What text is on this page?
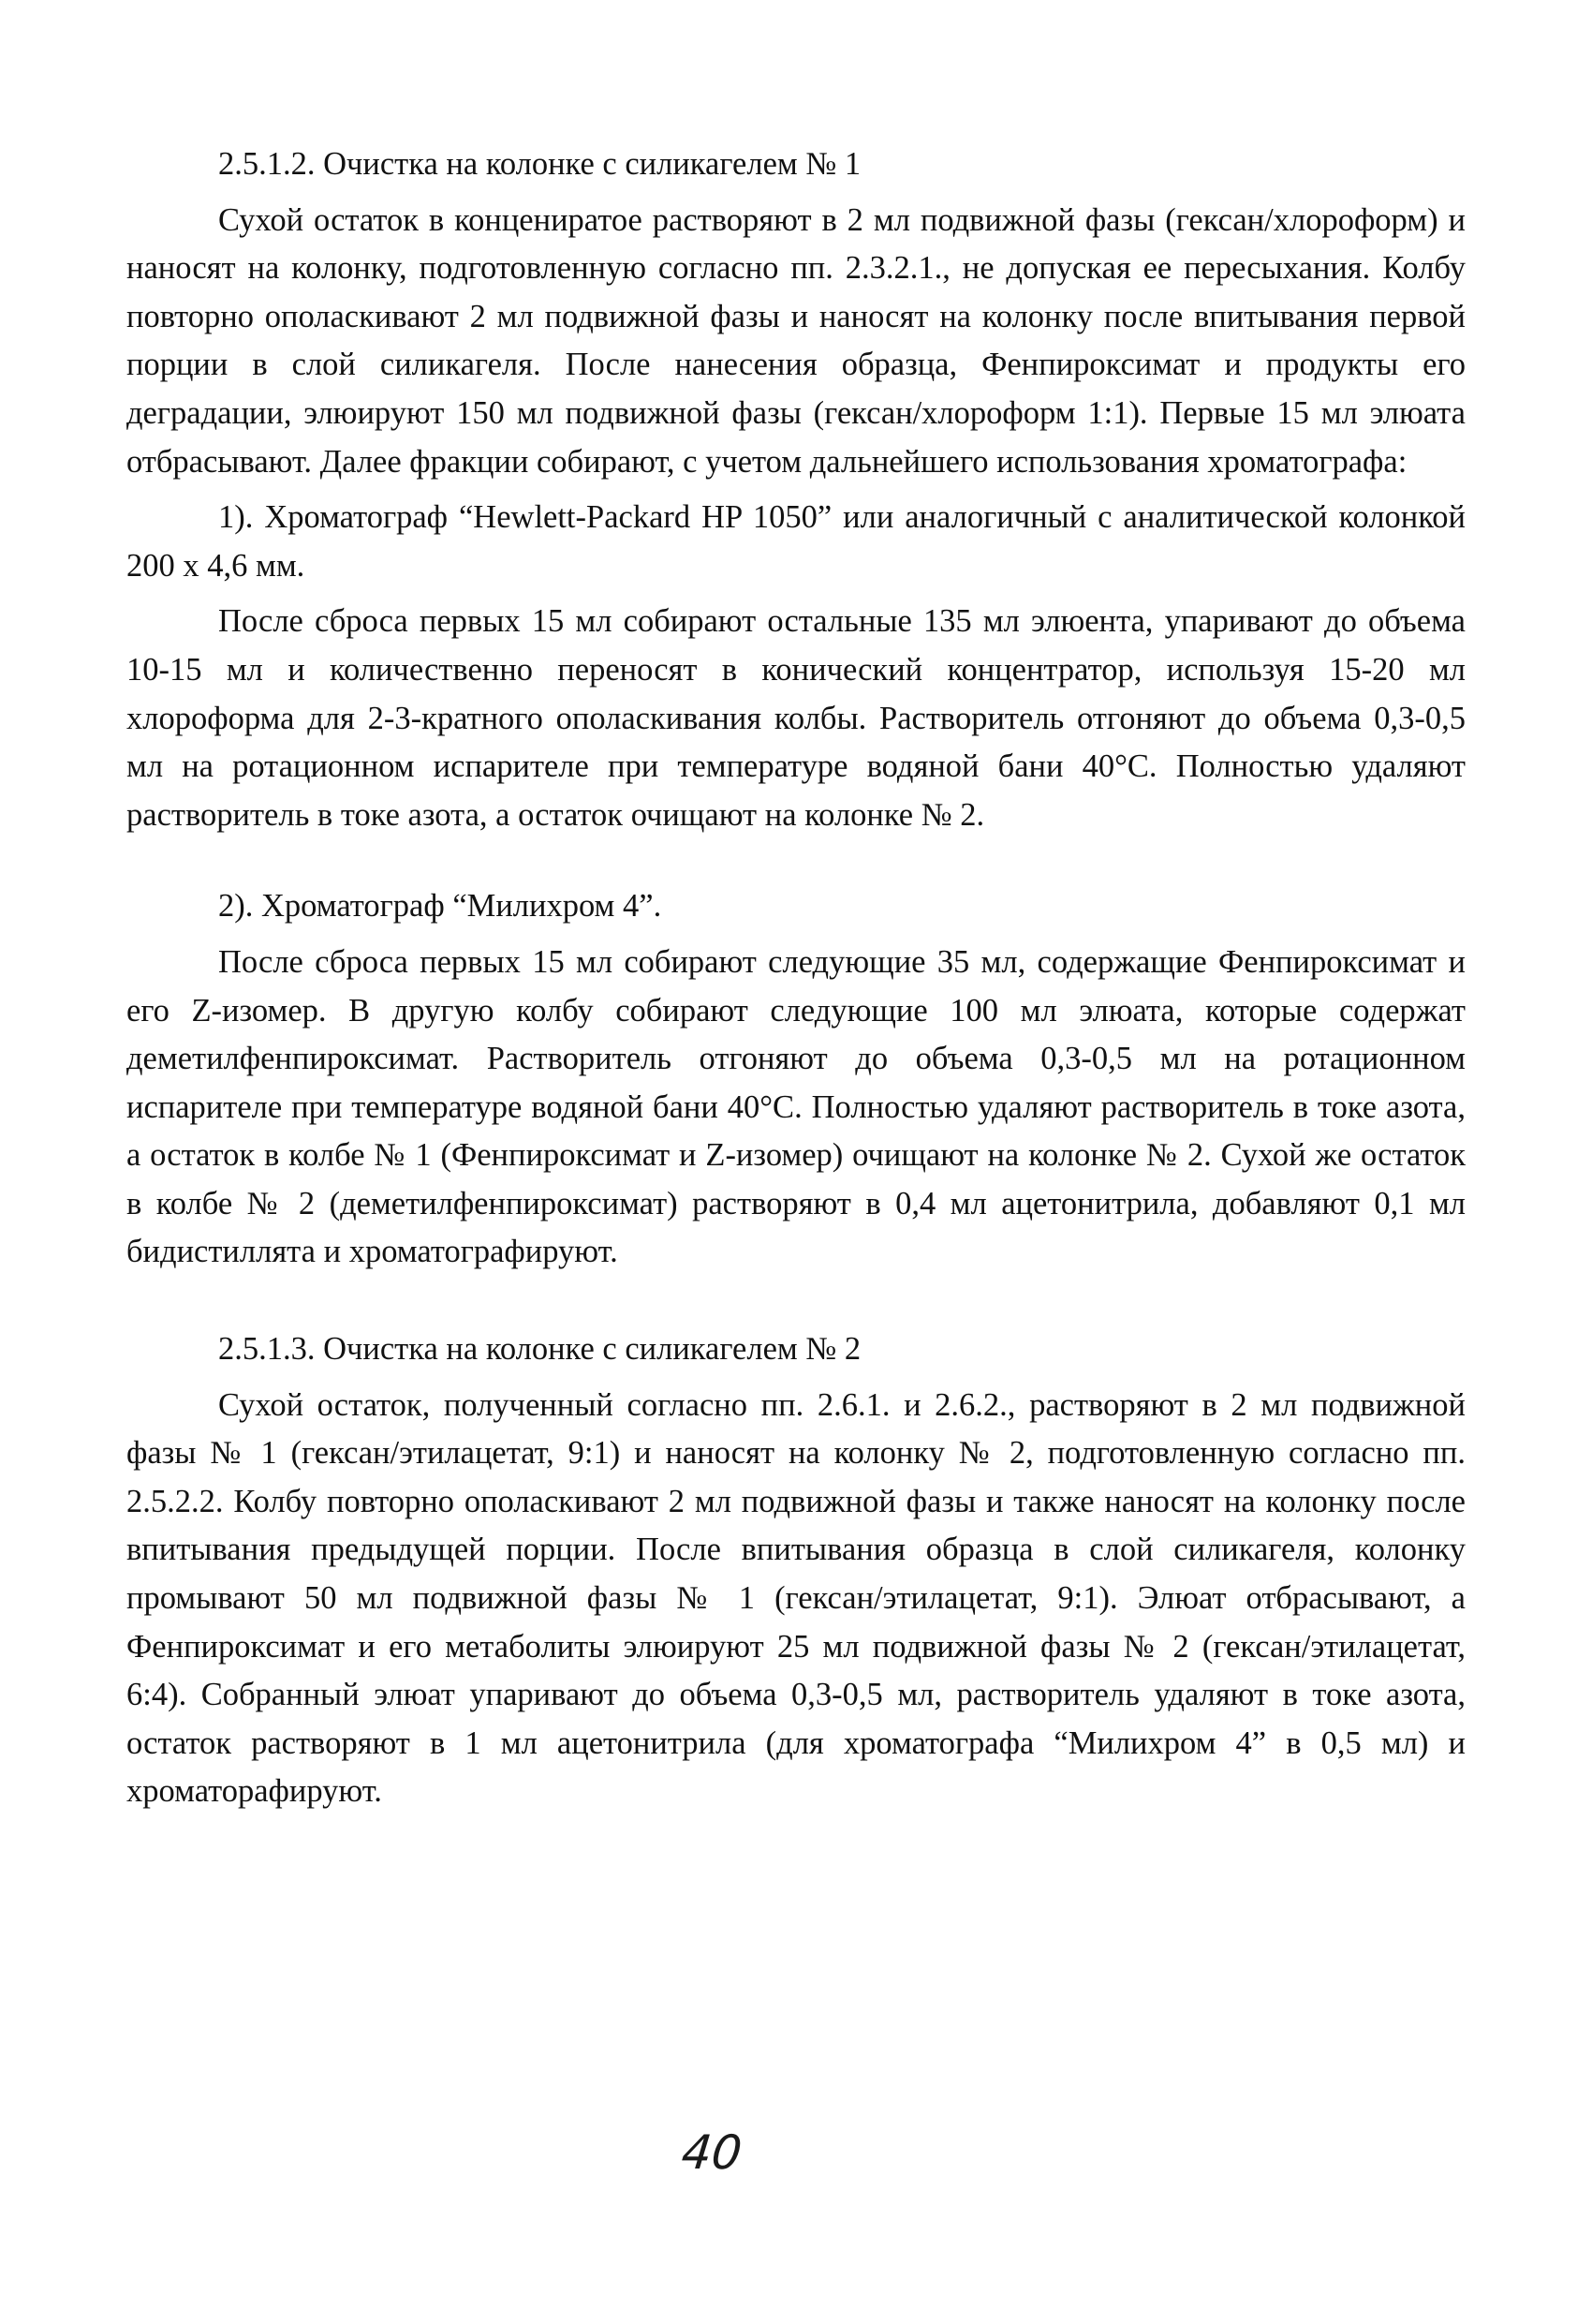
2.5.1.2. Очистка на колонке с силикагелем № 1

Сухой остаток в концениратое растворяют в 2 мл подвижной фазы (гексан/хлороформ) и наносят на колонку, подготовленную согласно пп. 2.3.2.1., не допуская ее пересыхания. Колбу повторно ополаскивают 2 мл подвижной фазы и наносят на колонку после впитывания первой порции в слой силикагеля. После нанесения образца, Фенпироксимат и продукты его деградации, элюируют 150 мл подвижной фазы (гексан/хлороформ 1:1). Первые 15 мл элюата отбрасывают. Далее фракции собирают, с учетом дальнейшего использования хроматографа:

1). Хроматограф “Hewlett-Packard HP 1050” или аналогичный с аналитической колонкой 200 x 4,6 мм.

После сброса первых 15 мл собирают остальные 135 мл элюента, упаривают до объема 10-15 мл и количественно переносят в конический концентратор, используя 15-20 мл хлороформа для 2-3-кратного ополаскивания колбы. Растворитель отгоняют до объема 0,3-0,5 мл на ротационном испарителе при температуре водяной бани 40°С. Полностью удаляют растворитель в токе азота, а остаток очищают на колонке № 2.

2). Хроматограф “Милихром 4”.

После сброса первых 15 мл собирают следующие 35 мл, содержащие Фенпироксимат и его Z-изомер. В другую колбу собирают следующие 100 мл элюата, которые содержат деметилфенпироксимат. Растворитель отгоняют до объема 0,3-0,5 мл на ротационном испарителе при температуре водяной бани 40°С. Полностью удаляют растворитель в токе азота, а остаток в колбе № 1 (Фенпироксимат и Z-изомер) очищают на колонке № 2. Сухой же остаток в колбе № 2 (деметилфенпироксимат) растворяют в 0,4 мл ацетонитрила, добавляют 0,1 мл бидистиллята и хроматографируют.

2.5.1.3. Очистка на колонке с силикагелем № 2

Сухой остаток, полученный согласно пп. 2.6.1. и 2.6.2., растворяют в 2 мл подвижной фазы № 1 (гексан/этилацетат, 9:1) и наносят на колонку № 2, подготовленную согласно пп. 2.5.2.2. Колбу повторно ополаскивают 2 мл подвижной фазы и также наносят на колонку после впитывания предыдущей порции. После впитывания образца в слой силикагеля, колонку промывают 50 мл подвижной фазы № 1 (гексан/этилацетат, 9:1). Элюат отбрасывают, а Фенпироксимат и его метаболиты элюируют 25 мл подвижной фазы № 2 (гексан/этилацетат, 6:4). Собранный элюат упаривают до объема 0,3-0,5 мл, растворитель удаляют в токе азота, остаток растворяют в 1 мл ацетонитрила (для хроматографа “Милихром 4” в 0,5 мл) и хроматорафируют.

40
